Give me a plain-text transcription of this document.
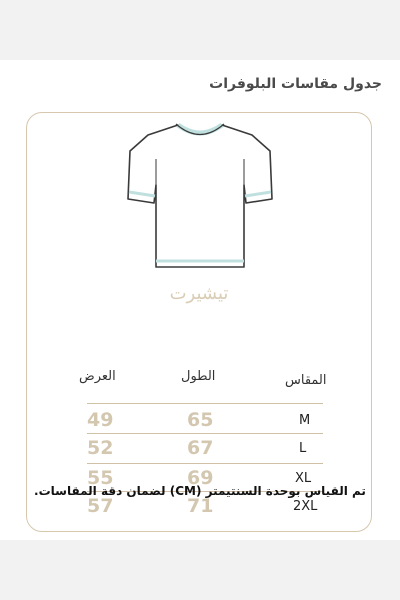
جدول مقاسات البلوفرات
تيشيرت
المقاس
الطول
العرض
M
65
49
L
67
52
XL
69
55
2XL
71
57
تم القياس بوحدة السنتيمتر (CM) لضمان دقة المقاسات.
